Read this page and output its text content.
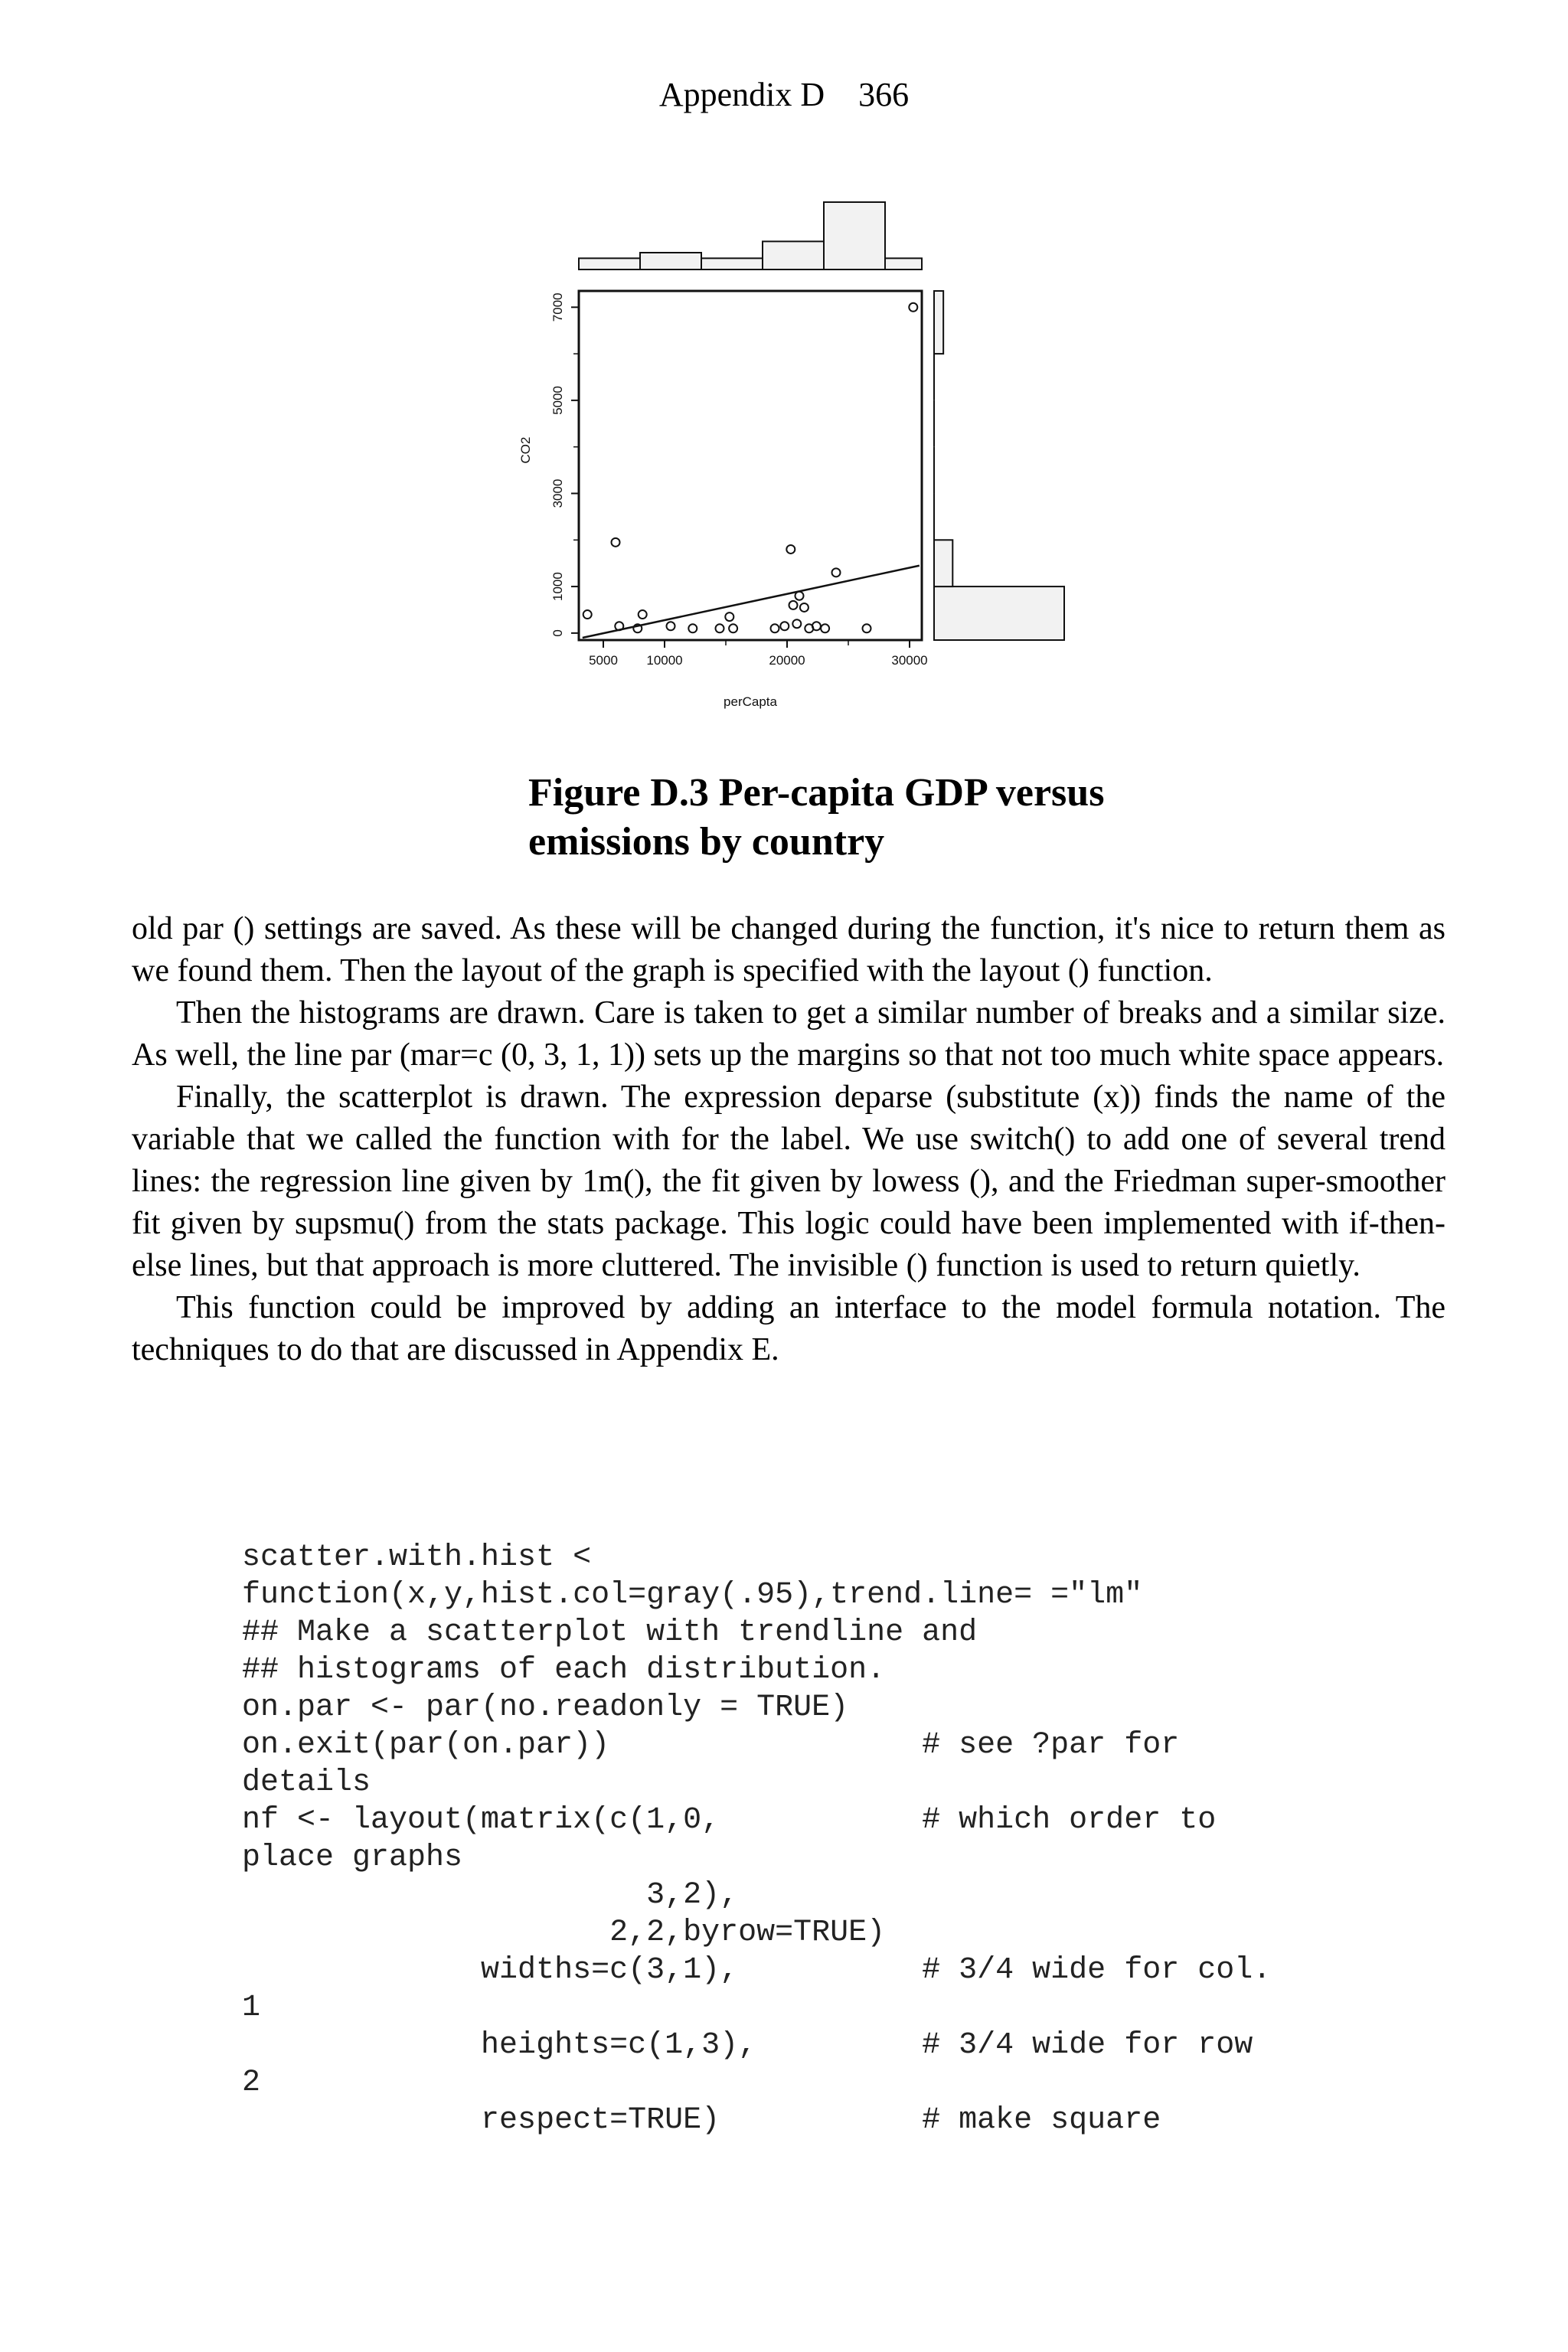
Appendix D 366
5000 10000	20000	30000
0
1000
3000
5000
7000
perCapta
CO2
Figure D.3 Per-capita GDP versus
emissions by country

old par () settings are saved. As these will be changed during the function, it's nice to return them as we found them. Then the layout of the graph is specified with the layout () function.

Then the histograms are drawn. Care is taken to get a similar number of breaks and a similar size. As well, the line par (mar=c (0, 3, 1, 1)) sets up the margins so that not too much white space appears.

Finally, the scatterplot is drawn. The expression deparse (substitute (x)) finds the name of the variable that we called the function with for the label. We use switch() to add one of several trend lines: the regression line given by 1m(), the fit given by lowess (), and the Friedman super-smoother fit given by supsmu() from the stats package. This logic could have been implemented with if-then-else lines, but that approach is more cluttered. The invisible () function is used to return quietly.

This function could be improved by adding an interface to the model formula notation. The techniques to do that are discussed in Appendix E.

scatter.with.hist <
function(x,y,hist.col=gray(.95),trend.line= ="lm"
## Make a scatterplot with trendline and
## histograms of each distribution.
on.par <- par(no.readonly = TRUE)
on.exit(par(on.par))                 # see ?par for
details
nf <- layout(matrix(c(1,0,           # which order to
place graphs
3,2),
2,2,byrow=TRUE)
widths=c(3,1),          # 3/4 wide for col.
1
heights=c(1,3),         # 3/4 wide for row
2
respect=TRUE)           # make square
